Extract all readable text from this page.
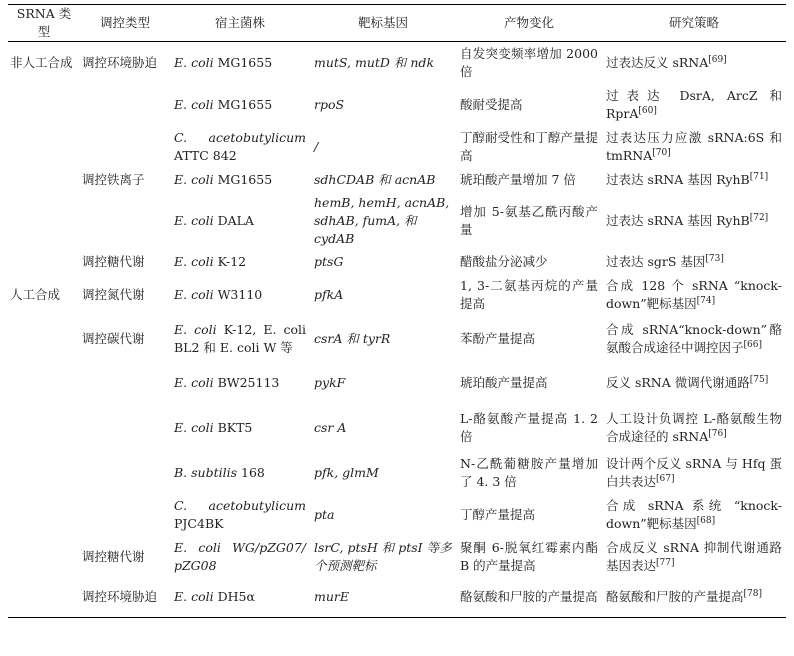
SRNA 类型	调控类型	宿主菌株	靶标基因	产物变化	研究策略
非人工合成	调控环境胁迫	E. coli MG1655	mutS, mutD 和 ndk	自发突变频率增加 2000 倍	过表达反义 sRNA[69]
		E. coli MG1655	rpoS	酸耐受提高	过表达 DsrA, ArcZ 和 RprA[60]
		C. acetobutylicum ATTC 842	/	丁醇耐受性和丁醇产量提高	过表达压力应激 sRNA:6S 和 tmRNA[70]
	调控铁离子	E. coli MG1655	sdhCDAB 和 acnAB	琥珀酸产量增加 7 倍	过表达 sRNA 基因 RyhB[71]
		E. coli DALA	hemB, hemH, acnAB, sdhAB, fumA, 和 cydAB	增加 5-氨基乙酰丙酸产量	过表达 sRNA 基因 RyhB[72]
	调控糖代谢	E. coli K-12	ptsG	醋酸盐分泌减少	过表达 sgrS 基因[73]
人工合成	调控氮代谢	E. coli W3110	pfkA	1, 3-二氨基丙烷的产量提高	合成 128 个 sRNA “knock-down”靶标基因[74]
	调控碳代谢	E. coli K-12, E. coli BL2 和 E. coli W 等	csrA 和 tyrR	苯酚产量提高	合成 sRNA“knock-down”酪氨酸合成途径中调控因子[66]
		E. coli BW25113	pykF	琥珀酸产量提高	反义 sRNA 微调代谢通路[75]
		E. coli BKT5	csr A	L-酪氨酸产量提高 1. 2 倍	人工设计负调控 L-酪氨酸生物合成途径的 sRNA[76]
		B. subtilis 168	pfk, glmM	N-乙酰葡糖胺产量增加了 4. 3 倍	设计两个反义 sRNA 与 Hfq 蛋白共表达[67]
		C. acetobutylicum PJC4BK	pta	丁醇产量提高	合成 sRNA 系统 “knock-down”靶标基因[68]
	调控糖代谢	E. coli WG/pZG07/ pZG08	lsrC, ptsH 和 ptsI 等多个预测靶标	聚酮 6-脱氧红霉素内酯 B 的产量提高	合成反义 sRNA 抑制代谢通路基因表达[77]
	调控环境胁迫	E. coli DH5α	murE	酪氨酸和尸胺的产量提高	酪氨酸和尸胺的产量提高[78]
